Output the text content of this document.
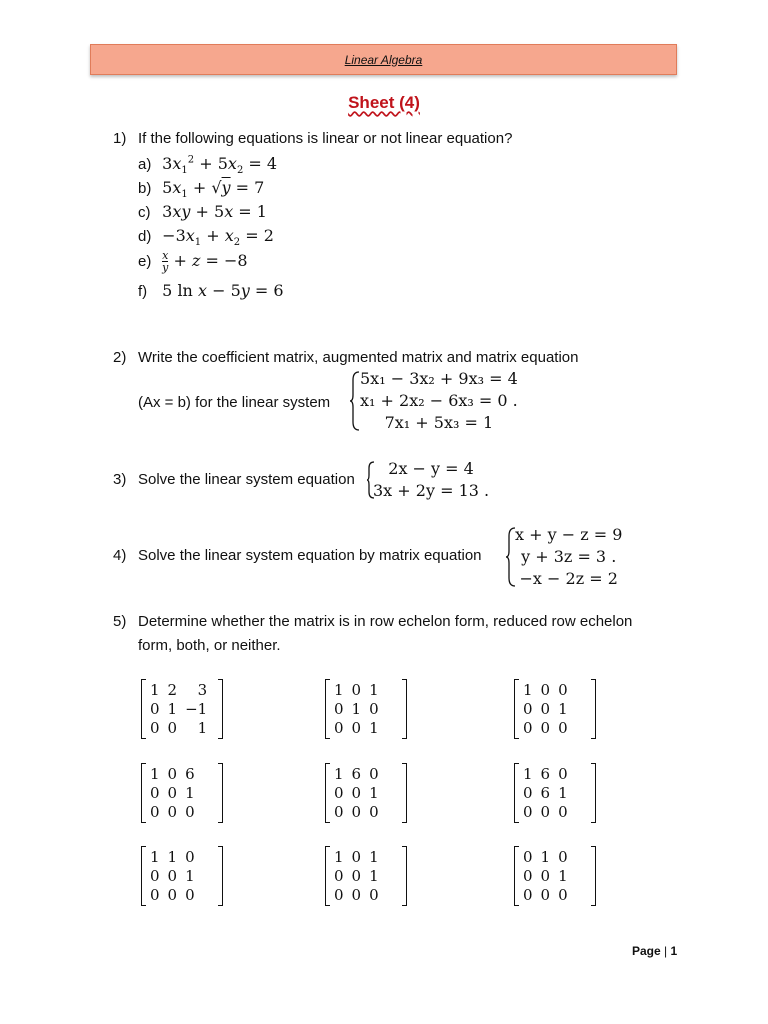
Linear Algebra
Sheet (4)
1) If the following equations is linear or not linear equation?
a) $3x_1^2 + 5x_2 = 4$
b) $5x_1 + √y = 7$
c) 3xy + 5x = 1
$d) -3x_1 + x_2 = 2$
$e) \frac{x}{y} + z = -8$
f) 5 ln x − 5y = 6
2) Write the coefficient matrix, augmented matrix and matrix equation
(Ax = b) for the linear system
5x₁ − 3x₂ + 9x₃ = 4
x₁ + 2x₂ − 6x₃ = 0 .
7x₁ + 5x₃ = 1
3) Solve the linear system equation
2x − y = 4
3x + 2y = 13 .
4) Solve the linear system equation by matrix equation
x + y − z = 9
y + 3z = 3 .
−x − 2z = 2
5) Determine whether the matrix is in row echelon form, reduced row echelon
form, both, or neither.
1	2	3
0	1	−1
0	0	1
1	0	1
0	1	0
0	0	1
1	0	0
0	0	1
0	0	0
1	0	6
0	0	1
0	0	0
1	6	0
0	0	1
0	0	0
1	6	0
0	6	1
0	0	0
1	1	0
0	0	1
0	0	0
1	0	1
0	0	1
0	0	0
0	1	0
0	0	1
0	0	0
Page | 1
